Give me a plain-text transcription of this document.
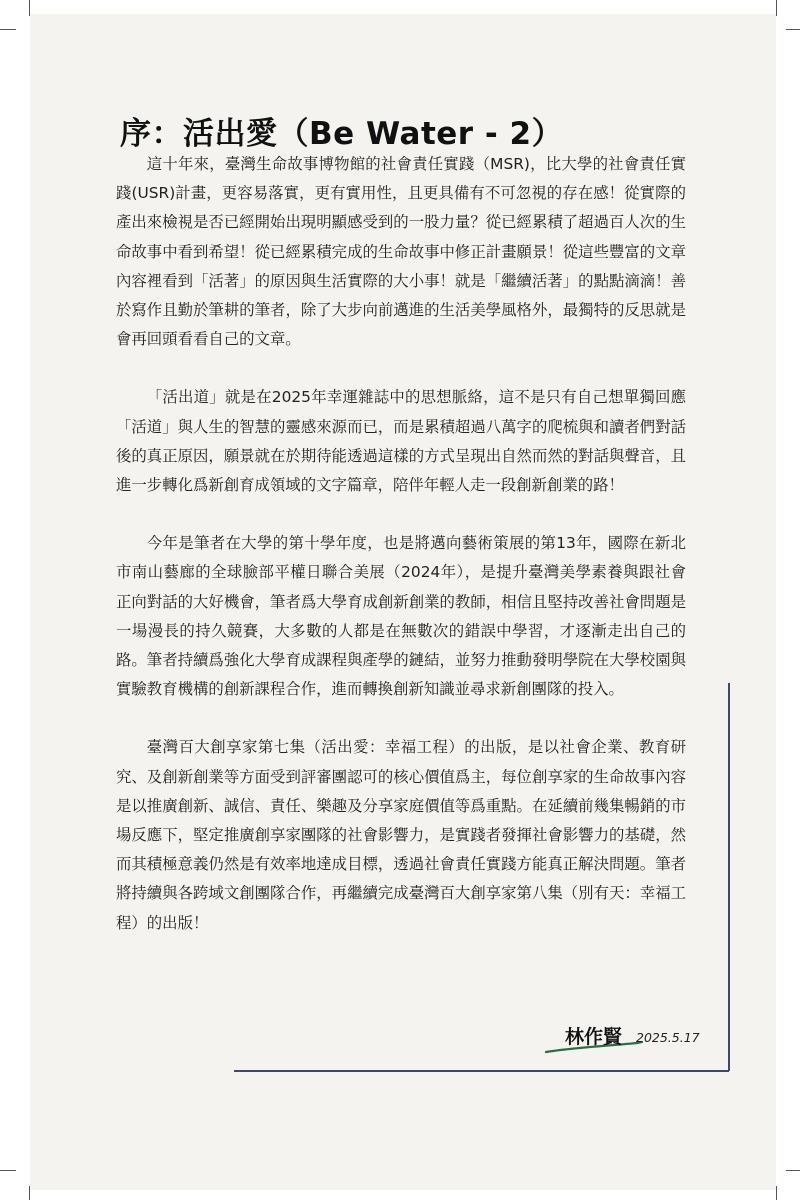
序：活出愛（Be Water - 2）

這十年來，臺灣生命故事博物館的社會責任實踐（MSR)，比大學的社會責任實踐(USR)計畫，更容易落實，更有實用性，且更具備有不可忽視的存在感！從實際的產出來檢視是否已經開始出現明顯感受到的一股力量？從已經累積了超過百人次的生命故事中看到希望！從已經累積完成的生命故事中修正計畫願景！從這些豐富的文章內容裡看到「活著」的原因與生活實際的大小事！就是「繼續活著」的點點滴滴！善於寫作且勤於筆耕的筆者，除了大步向前邁進的生活美學風格外，最獨特的反思就是會再回頭看看自己的文章。

「活出道」就是在2025年幸運雜誌中的思想脈絡，這不是只有自己想單獨回應「活道」與人生的智慧的靈感來源而已，而是累積超過八萬字的爬梳與和讀者們對話後的真正原因，願景就在於期待能透過這樣的方式呈現出自然而然的對話與聲音，且進一步轉化爲新創育成領域的文字篇章，陪伴年輕人走一段創新創業的路！

今年是筆者在大學的第十學年度，也是將邁向藝術策展的第13年，國際在新北市南山藝廊的全球臉部平權日聯合美展（2024年），是提升臺灣美學素養與跟社會正向對話的大好機會，筆者爲大學育成創新創業的教師，相信且堅持改善社會問題是一場漫長的持久競賽，大多數的人都是在無數次的錯誤中學習，才逐漸走出自己的路。筆者持續爲強化大學育成課程與產學的鏈結，並努力推動發明學院在大學校園與實驗教育機構的創新課程合作，進而轉換創新知識並尋求新創團隊的投入。

臺灣百大創享家第七集（活出愛：幸福工程）的出版，是以社會企業、教育研究、及創新創業等方面受到評審團認可的核心價值爲主，每位創享家的生命故事內容是以推廣創新、誠信、責任、樂趣及分享家庭價值等爲重點。在延續前幾集暢銷的市場反應下，堅定推廣創享家團隊的社會影響力，是實踐者發揮社會影響力的基礎，然而其積極意義仍然是有效率地達成目標，透過社會責任實踐方能真正解決問題。筆者將持續與各跨域文創團隊合作，再繼續完成臺灣百大創享家第八集（別有天：幸福工程）的出版！

林作賢 2025.5.17
